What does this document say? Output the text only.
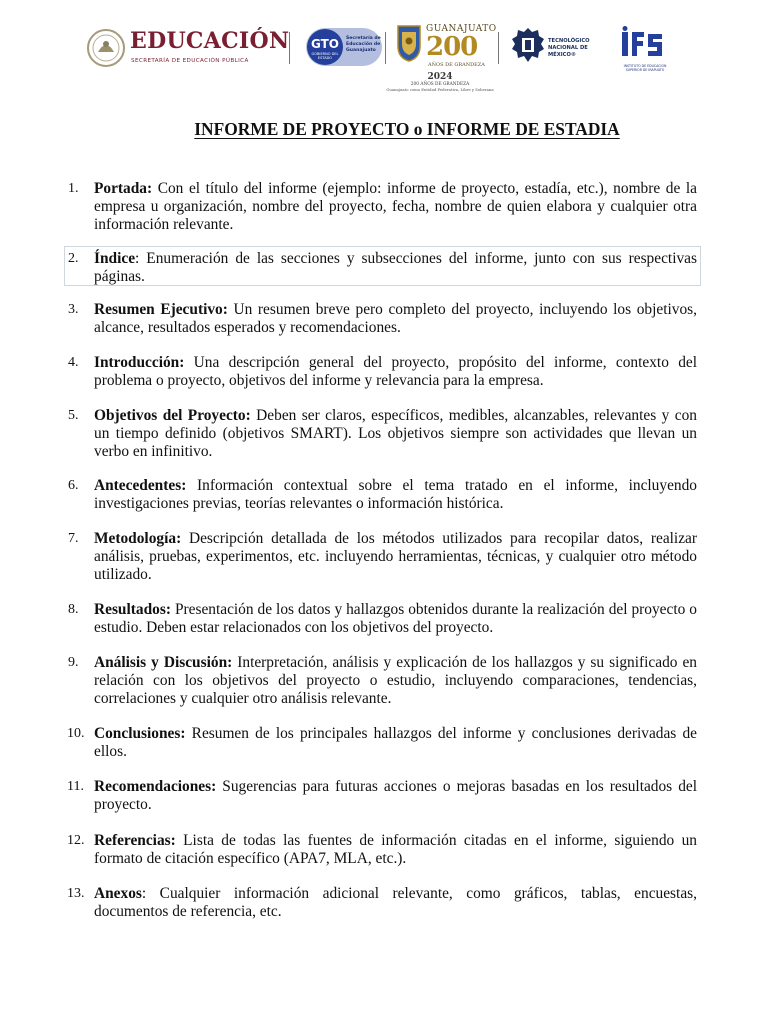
EDUCACIÓN
SECRETARÍA DE EDUCACIÓN PÚBLICA
GTO
GOBIERNO DEL ESTADO
Secretaría de Educación de Guanajuato
GUANAJUATO
200
AÑOS DE GRANDEZA
2024
200 AÑOS DE GRANDEZA
Guanajuato como Entidad Federativa, Libre y Soberana
TECNOLÓGICO NACIONAL DE MÉXICO®
INSTITUTO DE EDUCACIÓN SUPERIOR DE IRAPUATO
INFORME DE PROYECTO o INFORME DE ESTADIA
1.	Portada: Con el título del informe (ejemplo: informe de proyecto, estadía, etc.), nombre de la empresa u organización, nombre del proyecto, fecha, nombre de quien elabora y cualquier otra información relevante.
2.	Índice: Enumeración de las secciones y subsecciones del informe, junto con sus respectivas páginas.
3.	Resumen Ejecutivo: Un resumen breve pero completo del proyecto, incluyendo los objetivos, alcance, resultados esperados y recomendaciones.
4.	Introducción: Una descripción general del proyecto, propósito del informe, contexto del problema o proyecto, objetivos del informe y relevancia para la empresa.
5.	Objetivos del Proyecto: Deben ser claros, específicos, medibles, alcanzables, relevantes y con un tiempo definido (objetivos SMART). Los objetivos siempre son actividades que llevan un verbo en infinitivo.
6.	Antecedentes: Información contextual sobre el tema tratado en el informe, incluyendo investigaciones previas, teorías relevantes o información histórica.
7.	Metodología: Descripción detallada de los métodos utilizados para recopilar datos, realizar análisis, pruebas, experimentos, etc. incluyendo herramientas, técnicas, y cualquier otro método utilizado.
8.	Resultados: Presentación de los datos y hallazgos obtenidos durante la realización del proyecto o estudio. Deben estar relacionados con los objetivos del proyecto.
9.	Análisis y Discusión: Interpretación, análisis y explicación de los hallazgos y su significado en relación con los objetivos del proyecto o estudio, incluyendo comparaciones, tendencias, correlaciones y cualquier otro análisis relevante.
10. Conclusiones: Resumen de los principales hallazgos del informe y conclusiones derivadas de ellos.
11. Recomendaciones: Sugerencias para futuras acciones o mejoras basadas en los resultados del proyecto.
12. Referencias: Lista de todas las fuentes de información citadas en el informe, siguiendo un formato de citación específico (APA7, MLA, etc.).
13. Anexos: Cualquier información adicional relevante, como gráficos, tablas, encuestas, documentos de referencia, etc.
